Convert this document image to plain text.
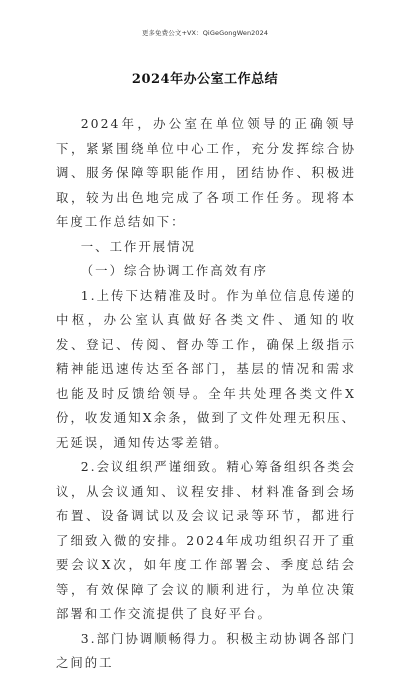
更多免费公文+VX：QiGeGongWen2024
2024年办公室工作总结

2024年，办公室在单位领导的正确领导下，紧紧围绕单位中心工作，充分发挥综合协调、服务保障等职能作用，团结协作、积极进取，较为出色地完成了各项工作任务。现将本年度工作总结如下：

一、工作开展情况

（一）综合协调工作高效有序

1.上传下达精准及时。作为单位信息传递的中枢，办公室认真做好各类文件、通知的收发、登记、传阅、督办等工作，确保上级指示精神能迅速传达至各部门，基层的情况和需求也能及时反馈给领导。全年共处理各类文件X份，收发通知X余条，做到了文件处理无积压、无延误，通知传达零差错。

2.会议组织严谨细致。精心筹备组织各类会议，从会议通知、议程安排、材料准备到会场布置、设备调试以及会议记录等环节，都进行了细致入微的安排。2024年成功组织召开了重要会议X次，如年度工作部署会、季度总结会等，有效保障了会议的顺利进行，为单位决策部署和工作交流提供了良好平台。

3.部门协调顺畅得力。积极主动协调各部门之间的工
